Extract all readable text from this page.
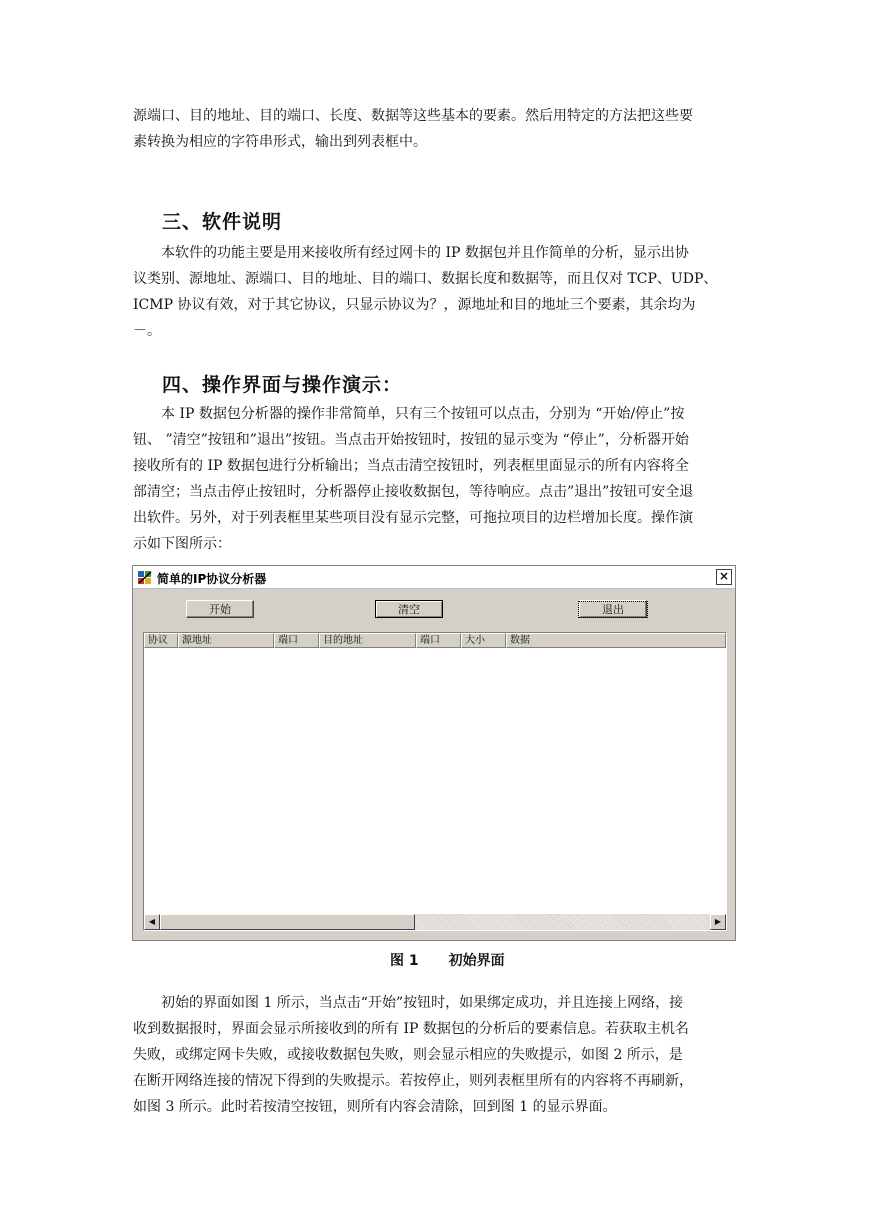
源端口、目的地址、目的端口、长度、数据等这些基本的要素。然后用特定的方法把这些要
素转换为相应的字符串形式，输出到列表框中。
三、软件说明
本软件的功能主要是用来接收所有经过网卡的 IP 数据包并且作简单的分析，显示出协
议类别、源地址、源端口、目的地址、目的端口、数据长度和数据等，而且仅对 TCP、UDP、
ICMP 协议有效，对于其它协议，只显示协议为？，源地址和目的地址三个要素，其余均为
－。
四、操作界面与操作演示：
本 IP 数据包分析器的操作非常简单，只有三个按钮可以点击，分别为 “开始/停止”按
钮、 ”清空”按钮和”退出”按钮。当点击开始按钮时，按钮的显示变为 “停止”，分析器开始
接收所有的 IP 数据包进行分析输出；当点击清空按钮时，列表框里面显示的所有内容将全
部清空；当点击停止按钮时，分析器停止接收数据包，等待响应。点击”退出”按钮可安全退
出软件。另外，对于列表框里某些项目没有显示完整，可拖拉项目的边栏增加长度。操作演
示如下图所示：
简单的IP协议分析器	×
开始	清空	退出
协议	源地址	端口	目的地址	端口	大小	数据
◀	▶
图 1 初始界面
初始的界面如图 1 所示，当点击“开始”按钮时，如果绑定成功，并且连接上网络，接
收到数据报时，界面会显示所接收到的所有 IP 数据包的分析后的要素信息。若获取主机名
失败，或绑定网卡失败，或接收数据包失败，则会显示相应的失败提示，如图 2 所示，是
在断开网络连接的情况下得到的失败提示。若按停止，则列表框里所有的内容将不再刷新，
如图 3 所示。此时若按清空按钮，则所有内容会清除，回到图 1 的显示界面。
